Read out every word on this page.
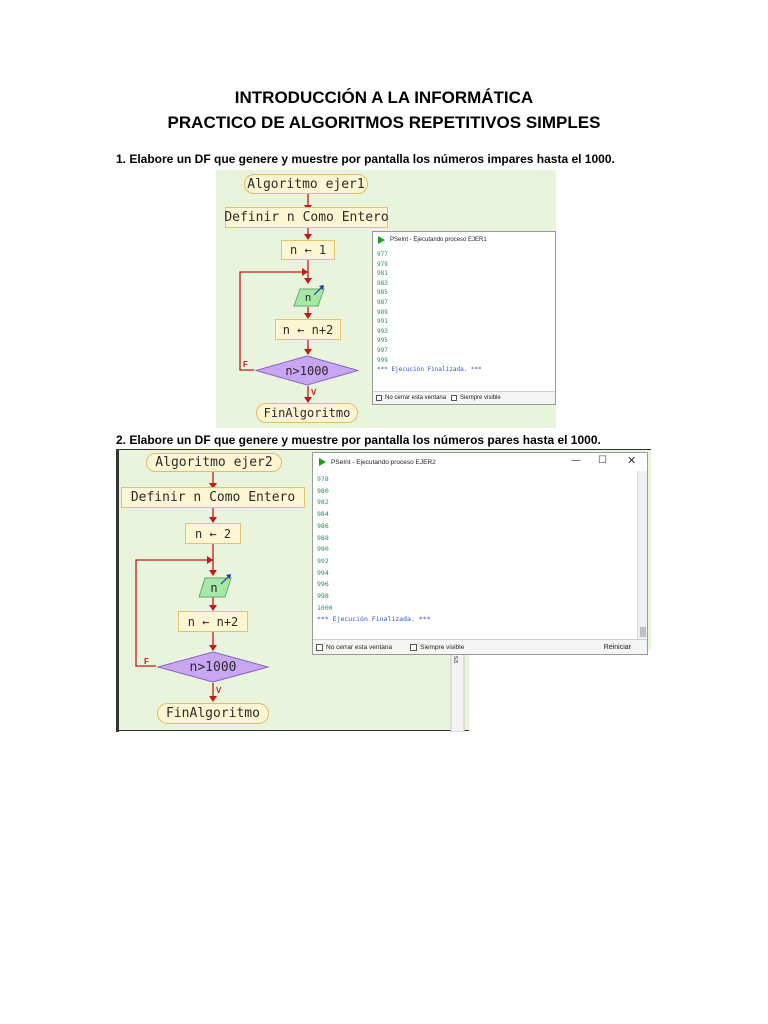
INTRODUCCIÓN A LA INFORMÁTICA
PRACTICO DE ALGORITMOS REPETITIVOS SIMPLES
1. Elabore un DF que genere y muestre por pantalla los números impares hasta el 1000.
Algoritmo ejer1
Definir n Como Entero
n ← 1
n
n ← n+2
n>1000
F
V
FinAlgoritmo
PSeInt - Ejecutando proceso EJER1
977
979
981
983
985
987
989
991
993
995
997
999
*** Ejecución Finalizada. ***
No cerrar esta ventana Siempre visible
2. Elabore un DF que genere y muestre por pantalla los números pares hasta el 1000.
Algoritmo ejer2
Definir n Como Entero
n ← 2
n
n ← n+2
n>1000
F
V
FinAlgoritmo
sa
PSeInt - Ejecutando proceso EJER2	— ☐ ✕
978
980
982
984
986
988
990
992
994
996
998
1000
*** Ejecución Finalizada. ***
No cerrar esta ventana	Siempre visible	Reiniciar
